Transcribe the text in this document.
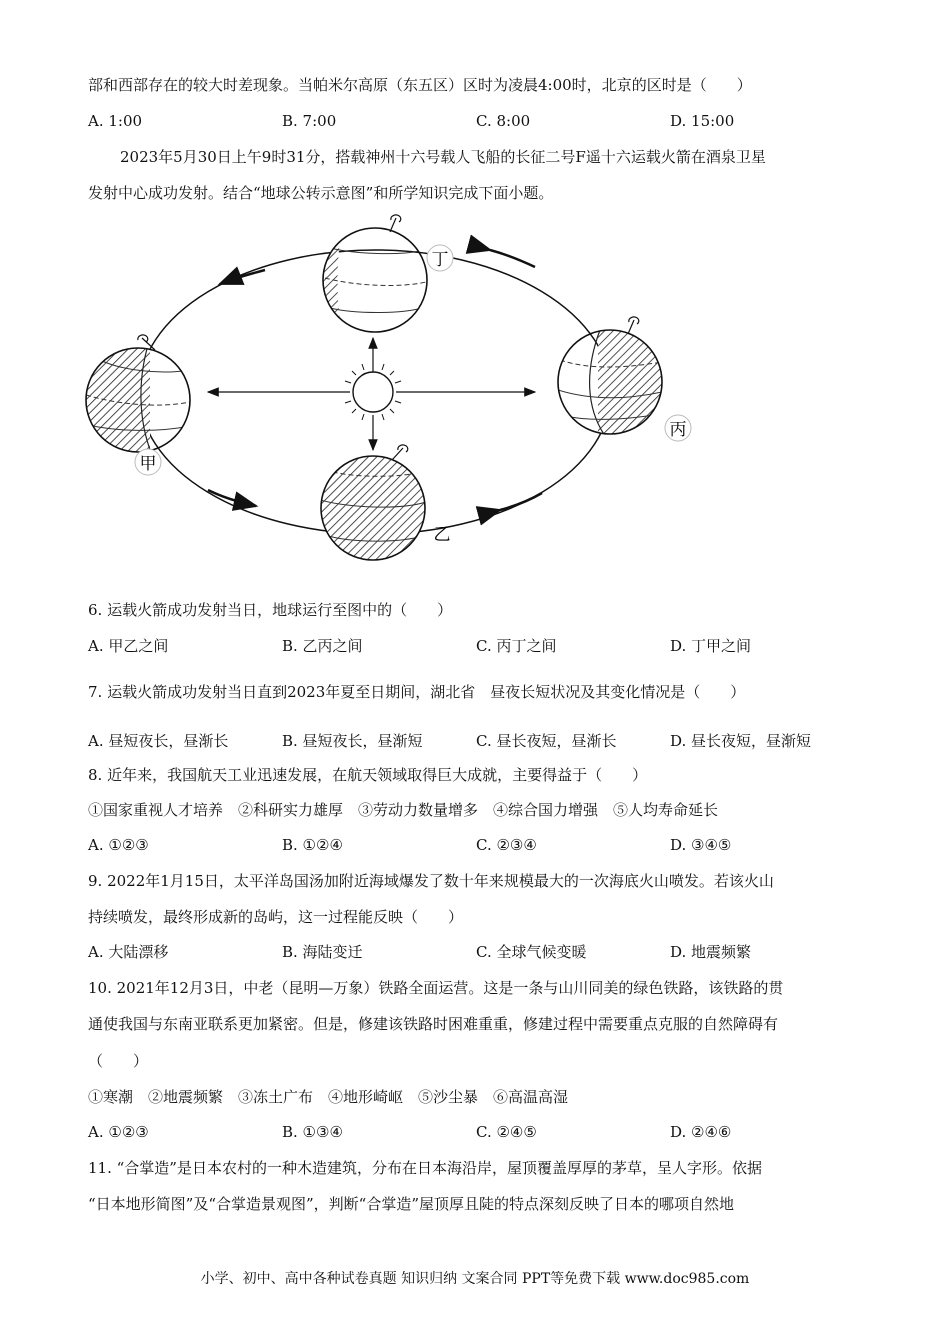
部和西部存在的较大时差现象。当帕米尔高原（东五区）区时为凌晨4:00时，北京的区时是（　　）
A. 1:00	B. 7:00	C. 8:00	D. 15:00
2023年5月30日上午9时31分，搭载神州十六号载人飞船的长征二号F遥十六运载火箭在酒泉卫星
发射中心成功发射。结合“地球公转示意图”和所学知识完成下面小题。
甲
乙
丙
丁
6. 运载火箭成功发射当日，地球运行至图中的（　　）
A. 甲乙之间	B. 乙丙之间	C. 丙丁之间	D. 丁甲之间
7. 运载火箭成功发射当日直到2023年夏至日期间，湖北省　昼夜长短状况及其变化情况是（　　）
A. 昼短夜长，昼渐长	B. 昼短夜长，昼渐短	C. 昼长夜短，昼渐长	D. 昼长夜短，昼渐短
8. 近年来，我国航天工业迅速发展，在航天领域取得巨大成就，主要得益于（　　）
①国家重视人才培养　②科研实力雄厚　③劳动力数量增多　④综合国力增强　⑤人均寿命延长
A. ①②③	B. ①②④	C. ②③④	D. ③④⑤
9. 2022年1月15日，太平洋岛国汤加附近海域爆发了数十年来规模最大的一次海底火山喷发。若该火山
持续喷发，最终形成新的岛屿，这一过程能反映（　　）
A. 大陆漂移	B. 海陆变迁	C. 全球气候变暖	D. 地震频繁
10. 2021年12月3日，中老（昆明—万象）铁路全面运营。这是一条与山川同美的绿色铁路，该铁路的贯
通使我国与东南亚联系更加紧密。但是，修建该铁路时困难重重，修建过程中需要重点克服的自然障碍有
（　　）
①寒潮　②地震频繁　③冻土广布　④地形崎岖　⑤沙尘暴　⑥高温高湿
A. ①②③	B. ①③④	C. ②④⑤	D. ②④⑥
11. “合掌造”是日本农村的一种木造建筑，分布在日本海沿岸，屋顶覆盖厚厚的茅草，呈人字形。依据
“日本地形简图”及“合掌造景观图”，判断“合掌造”屋顶厚且陡的特点深刻反映了日本的哪项自然地
小学、初中、高中各种试卷真题 知识归纳 文案合同 PPT等免费下载 www.doc985.com
